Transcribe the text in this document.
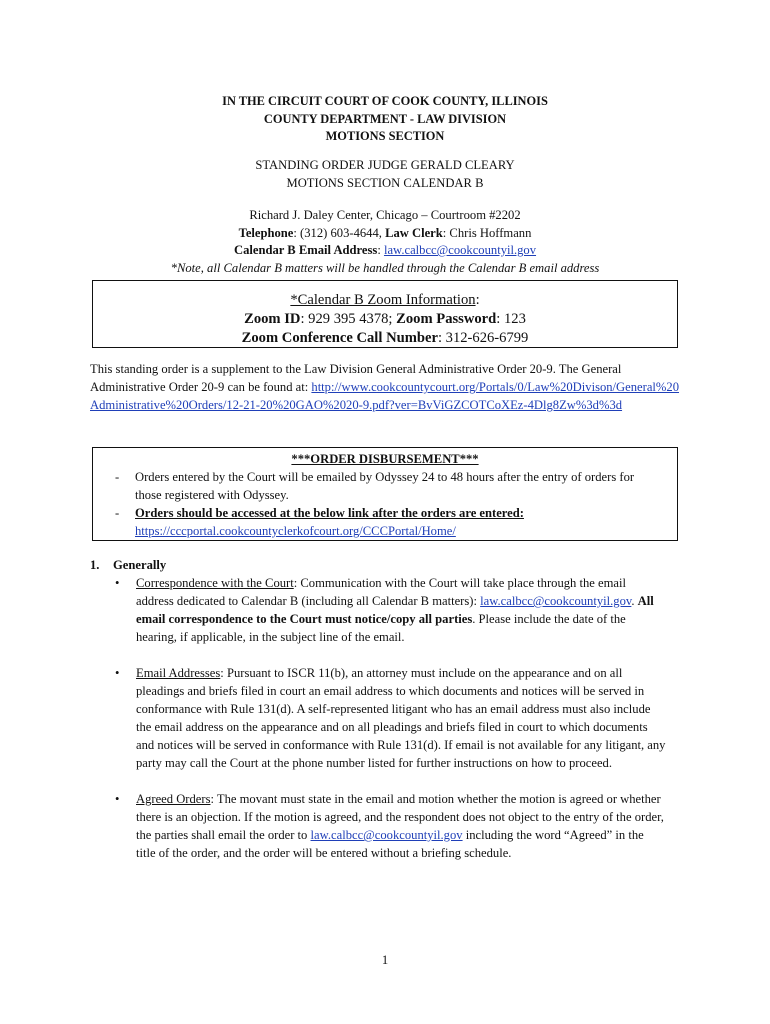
IN THE CIRCUIT COURT OF COOK COUNTY, ILLINOIS
COUNTY DEPARTMENT - LAW DIVISION
MOTIONS SECTION
STANDING ORDER JUDGE GERALD CLEARY
MOTIONS SECTION CALENDAR B
Richard J. Daley Center, Chicago – Courtroom #2202
Telephone: (312) 603-4644, Law Clerk: Chris Hoffmann
Calendar B Email Address: law.calbcc@cookcountyil.gov
*Note, all Calendar B matters will be handled through the Calendar B email address
*Calendar B Zoom Information:
Zoom ID: 929 395 4378; Zoom Password: 123
Zoom Conference Call Number: 312-626-6799
This standing order is a supplement to the Law Division General Administrative Order 20-9. The General Administrative Order 20-9 can be found at: http://www.cookcountycourt.org/Portals/0/Law%20Divison/General%20Administrative%20Orders/12-21-20%20GAO%2020-9.pdf?ver=BvViGZCOTCoXEz-4Dlg8Zw%3d%3d
***ORDER DISBURSEMENT***
- Orders entered by the Court will be emailed by Odyssey 24 to 48 hours after the entry of orders for those registered with Odyssey.
- Orders should be accessed at the below link after the orders are entered:
https://cccportal.cookcountyclerkofcourt.org/CCCPortal/Home/
1. Generally
• Correspondence with the Court: Communication with the Court will take place through the email address dedicated to Calendar B (including all Calendar B matters): law.calbcc@cookcountyil.gov. All email correspondence to the Court must notice/copy all parties. Please include the date of the hearing, if applicable, in the subject line of the email.
• Email Addresses: Pursuant to ISCR 11(b), an attorney must include on the appearance and on all pleadings and briefs filed in court an email address to which documents and notices will be served in conformance with Rule 131(d). A self-represented litigant who has an email address must also include the email address on the appearance and on all pleadings and briefs filed in court to which documents and notices will be served in conformance with Rule 131(d). If email is not available for any litigant, any party may call the Court at the phone number listed for further instructions on how to proceed.
• Agreed Orders: The movant must state in the email and motion whether the motion is agreed or whether there is an objection. If the motion is agreed, and the respondent does not object to the entry of the order, the parties shall email the order to law.calbcc@cookcountyil.gov including the word “Agreed” in the title of the order, and the order will be entered without a briefing schedule.
1
